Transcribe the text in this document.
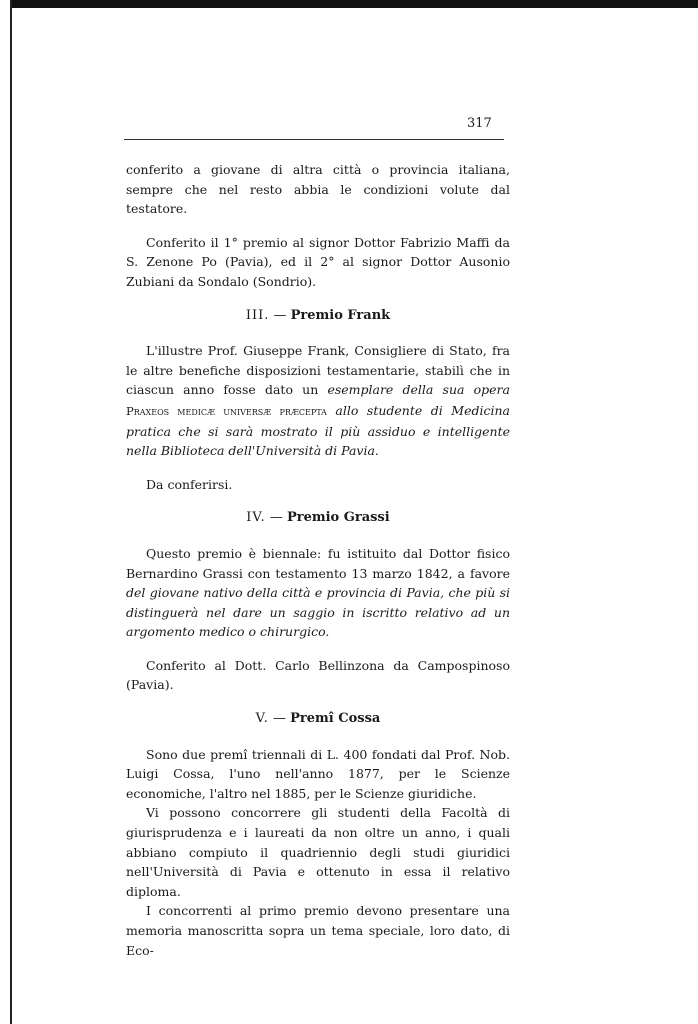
317

conferito a giovane di altra città o provincia italiana, sempre che nel resto abbia le condizioni volute dal testatore.

Conferito il 1° premio al signor Dottor Fabrizio Maffi da S. Zenone Po (Pavia), ed il 2° al signor Dottor Ausonio Zubiani da Sondalo (Sondrio).

III. — Premio Frank

L'illustre Prof. Giuseppe Frank, Consigliere di Stato, fra le altre benefiche disposizioni testamentarie, stabilì che in ciascun anno fosse dato un esemplare della sua opera Praxeos medicæ universæ præcepta allo studente di Medicina pratica che si sarà mostrato il più assiduo e intelligente nella Biblioteca dell'Università di Pavia.

Da conferirsi.

IV. — Premio Grassi

Questo premio è biennale: fu istituito dal Dottor fisico Bernardino Grassi con testamento 13 marzo 1842, a favore del giovane nativo della città e provincia di Pavia, che più si distinguerà nel dare un saggio in iscritto relativo ad un argomento medico o chirurgico.

Conferito al Dott. Carlo Bellinzona da Campospinoso (Pavia).

V. — Premî Cossa

Sono due premî triennali di L. 400 fondati dal Prof. Nob. Luigi Cossa, l'uno nell'anno 1877, per le Scienze economiche, l'altro nel 1885, per le Scienze giuridiche.

Vi possono concorrere gli studenti della Facoltà di giurisprudenza e i laureati da non oltre un anno, i quali abbiano compiuto il quadriennio degli studi giuridici nell'Università di Pavia e ottenuto in essa il relativo diploma.

I concorrenti al primo premio devono presentare una memoria manoscritta sopra un tema speciale, loro dato, di Eco-
